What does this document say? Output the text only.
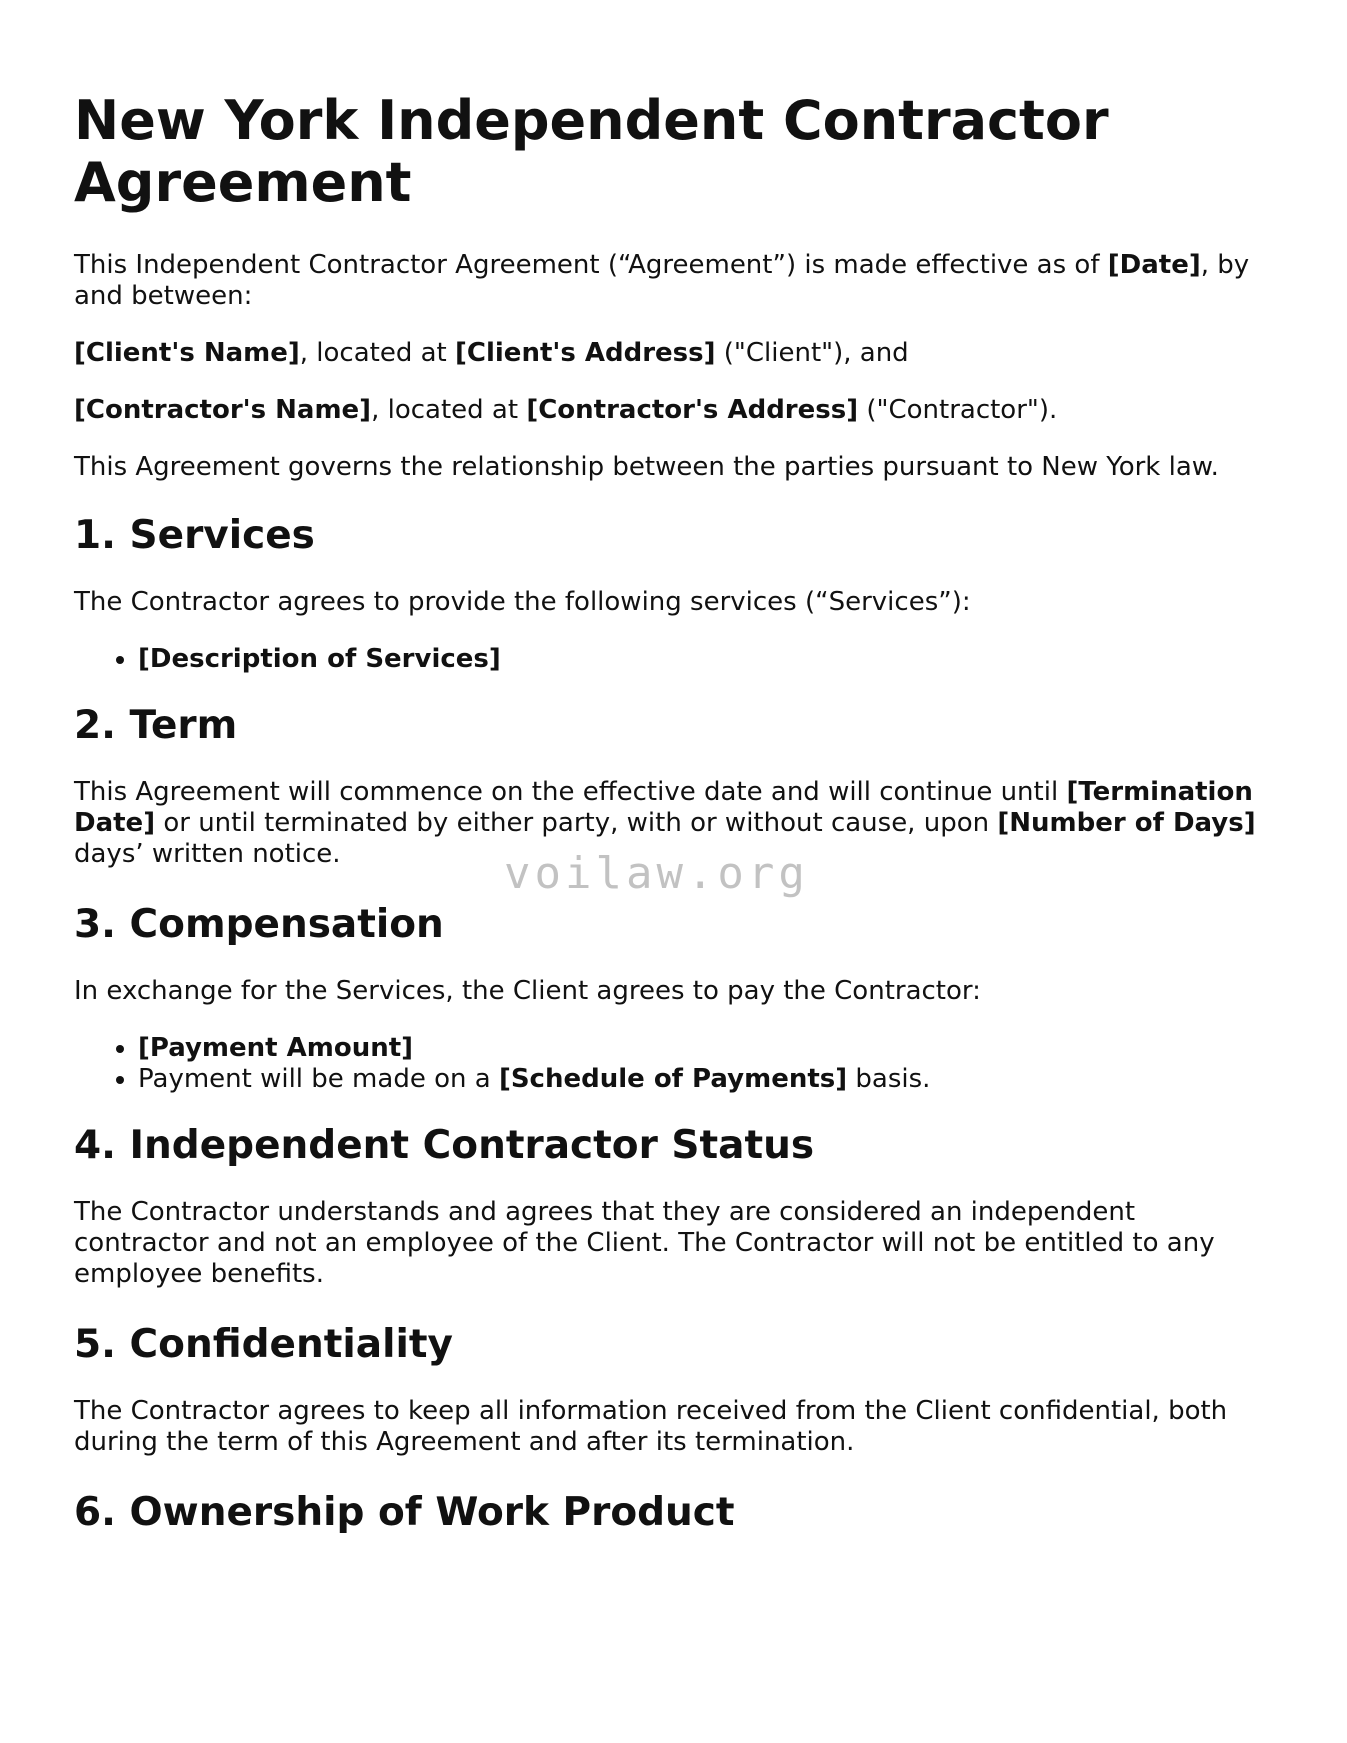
New York Independent Contractor Agreement

This Independent Contractor Agreement (“Agreement”) is made effective as of [Date], by and between:

[Client's Name], located at [Client's Address] ("Client"), and

[Contractor's Name], located at [Contractor's Address] ("Contractor").

This Agreement governs the relationship between the parties pursuant to New York law.

1. Services

The Contractor agrees to provide the following services (“Services”):

• [Description of Services]
2. Term

This Agreement will commence on the effective date and will continue until [Termination Date] or until terminated by either party, with or without cause, upon [Number of Days] days’ written notice.

3. Compensation

In exchange for the Services, the Client agrees to pay the Contractor:

• [Payment Amount]
• Payment will be made on a [Schedule of Payments] basis.
4. Independent Contractor Status

The Contractor understands and agrees that they are considered an independent contractor and not an employee of the Client. The Contractor will not be entitled to any employee benefits.

5. Confidentiality

The Contractor agrees to keep all information received from the Client confidential, both during the term of this Agreement and after its termination.

6. Ownership of Work Product
voilaw.org
